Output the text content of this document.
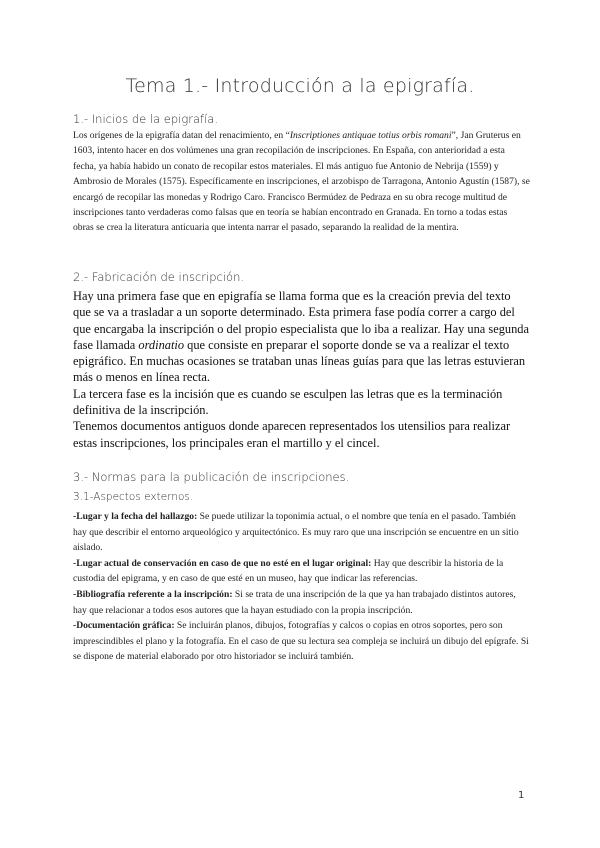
Tema 1.- Introducción a la epigrafía.
1.- Inicios de la epigrafía.

Los orígenes de la epigrafía datan del renacimiento, en “Inscriptiones antiquae totius orbis romani”, Jan Gruterus en 1603, intento hacer en dos volúmenes una gran recopilación de inscripciones. En España, con anterioridad a esta fecha, ya había habido un conato de recopilar estos materiales. El más antiguo fue Antonio de Nebrija (1559) y Ambrosio de Morales (1575). Específicamente en inscripciones, el arzobispo de Tarragona, Antonio Agustín (1587), se encargó de recopilar las monedas y Rodrigo Caro. Francisco Bermúdez de Pedraza en su obra recoge multitud de inscripciones tanto verdaderas como falsas que en teoría se habían encontrado en Granada. En torno a todas estas obras se crea la literatura anticuaria que intenta narrar el pasado, separando la realidad de la mentira.

2.- Fabricación de inscripción.

Hay una primera fase que en epigrafía se llama forma que es la creación previa del texto que se va a trasladar a un soporte determinado. Esta primera fase podía correr a cargo del que encargaba la inscripción o del propio especialista que lo iba a realizar. Hay una segunda fase llamada ordinatio que consiste en preparar el soporte donde se va a realizar el texto epigráfico. En muchas ocasiones se trataban unas líneas guías para que las letras estuvieran más o menos en línea recta.

La tercera fase es la incisión que es cuando se esculpen las letras que es la terminación definitiva de la inscripción.

Tenemos documentos antiguos donde aparecen representados los utensilios para realizar estas inscripciones, los principales eran el martillo y el cincel.

3.- Normas para la publicación de inscripciones.
3.1-Aspectos externos.

-Lugar y la fecha del hallazgo: Se puede utilizar la toponimia actual, o el nombre que tenía en el pasado. También hay que describir el entorno arqueológico y arquitectónico. Es muy raro que una inscripción se encuentre en un sitio aislado.

-Lugar actual de conservación en caso de que no esté en el lugar original: Hay que describir la historia de la custodia del epigrama, y en caso de que esté en un museo, hay que indicar las referencias.

-Bibliografía referente a la inscripción: Si se trata de una inscripción de la que ya han trabajado distintos autores, hay que relacionar a todos esos autores que la hayan estudiado con la propia inscripción.

-Documentación gráfica: Se incluirán planos, dibujos, fotografías y calcos o copias en otros soportes, pero son imprescindibles el plano y la fotografía. En el caso de que su lectura sea compleja se incluirá un dibujo del epígrafe. Si se dispone de material elaborado por otro historiador se incluirá también.

1
